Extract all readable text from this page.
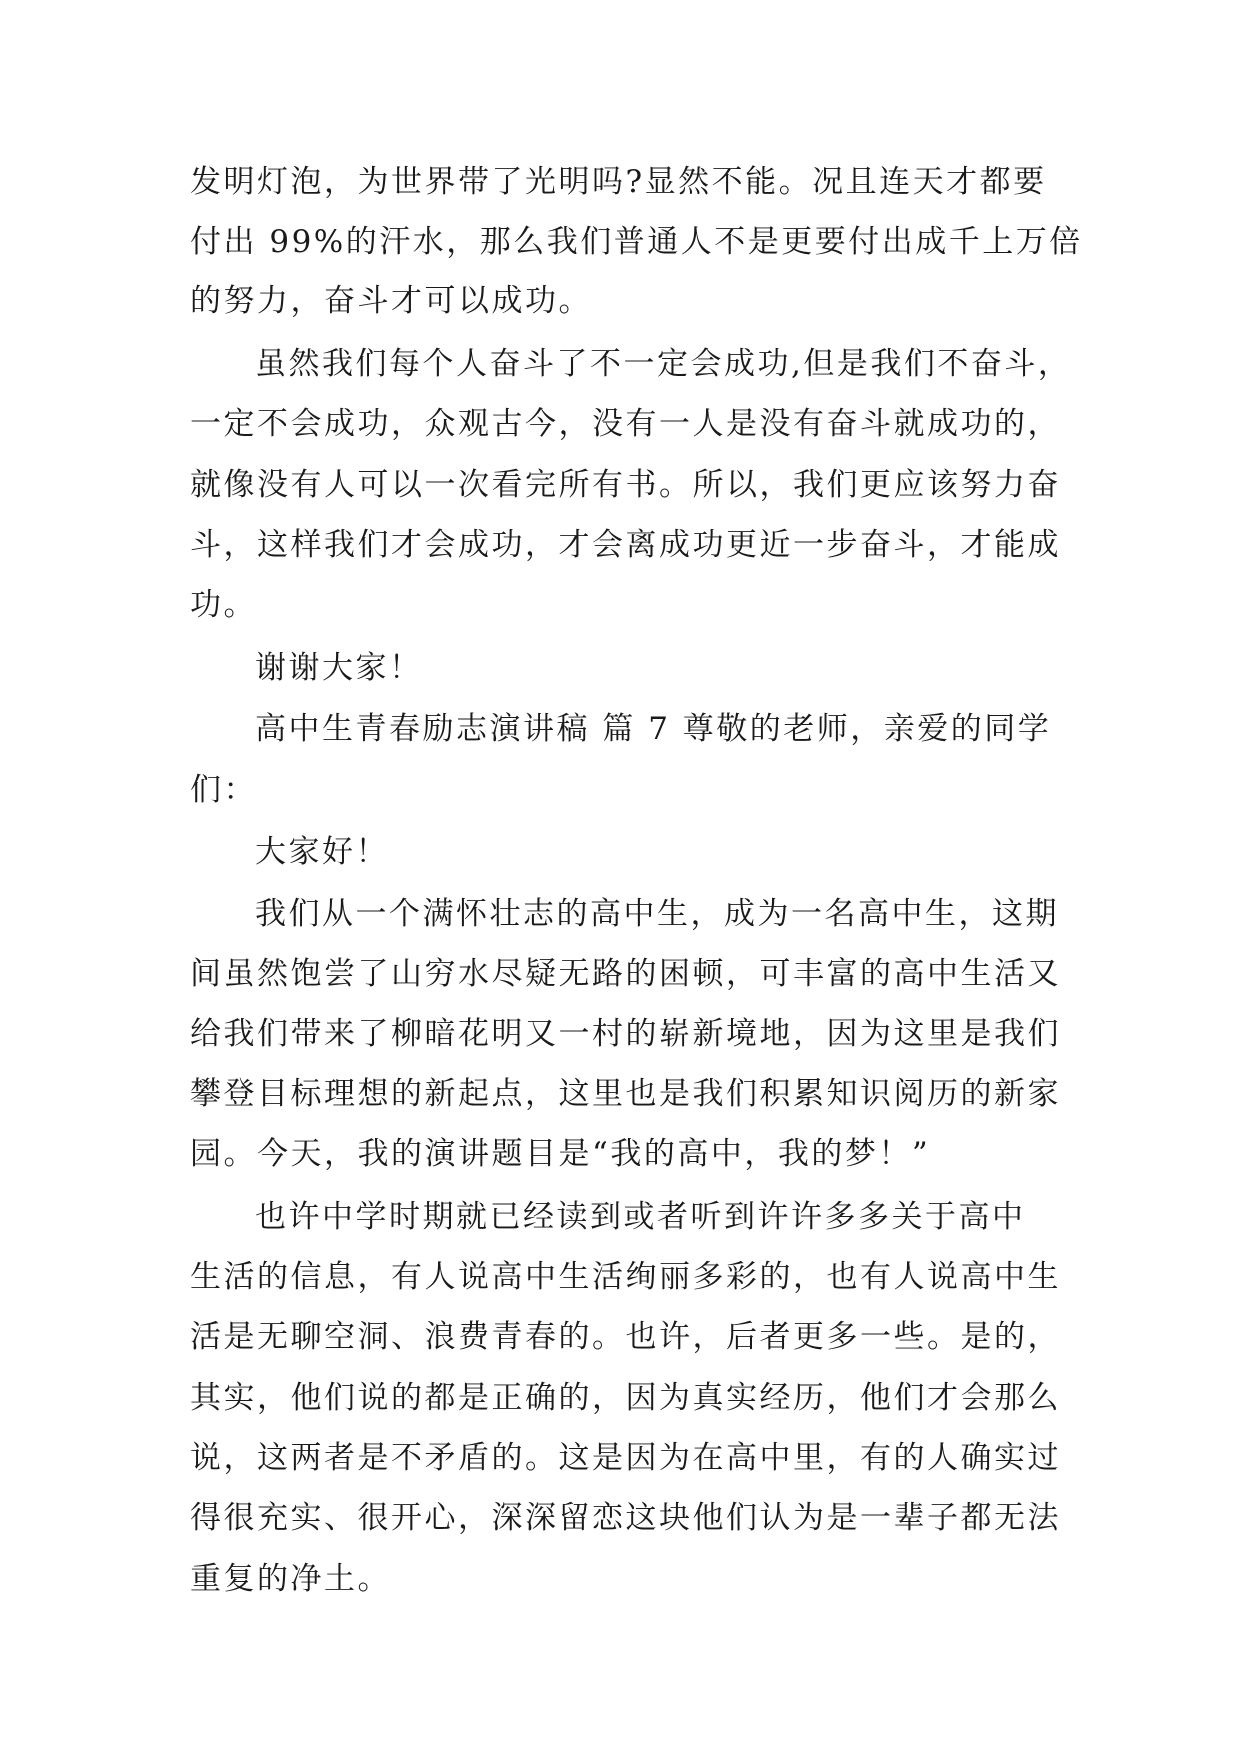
发明灯泡，为世界带了光明吗?显然不能。况且连天才都要
付出 99%的汗水，那么我们普通人不是更要付出成千上万倍
的努力，奋斗才可以成功。
虽然我们每个人奋斗了不一定会成功,但是我们不奋斗，
一定不会成功，众观古今，没有一人是没有奋斗就成功的，
就像没有人可以一次看完所有书。所以，我们更应该努力奋
斗，这样我们才会成功，才会离成功更近一步奋斗，才能成
功。
谢谢大家！
高中生青春励志演讲稿 篇 7 尊敬的老师，亲爱的同学
们：
大家好！
我们从一个满怀壮志的高中生，成为一名高中生，这期
间虽然饱尝了山穷水尽疑无路的困顿，可丰富的高中生活又
给我们带来了柳暗花明又一村的崭新境地，因为这里是我们
攀登目标理想的新起点，这里也是我们积累知识阅历的新家
园。今天，我的演讲题目是“我的高中，我的梦！”
也许中学时期就已经读到或者听到许许多多关于高中
生活的信息，有人说高中生活绚丽多彩的，也有人说高中生
活是无聊空洞、浪费青春的。也许，后者更多一些。是的，
其实，他们说的都是正确的，因为真实经历，他们才会那么
说，这两者是不矛盾的。这是因为在高中里，有的人确实过
得很充实、很开心，深深留恋这块他们认为是一辈子都无法
重复的净土。
